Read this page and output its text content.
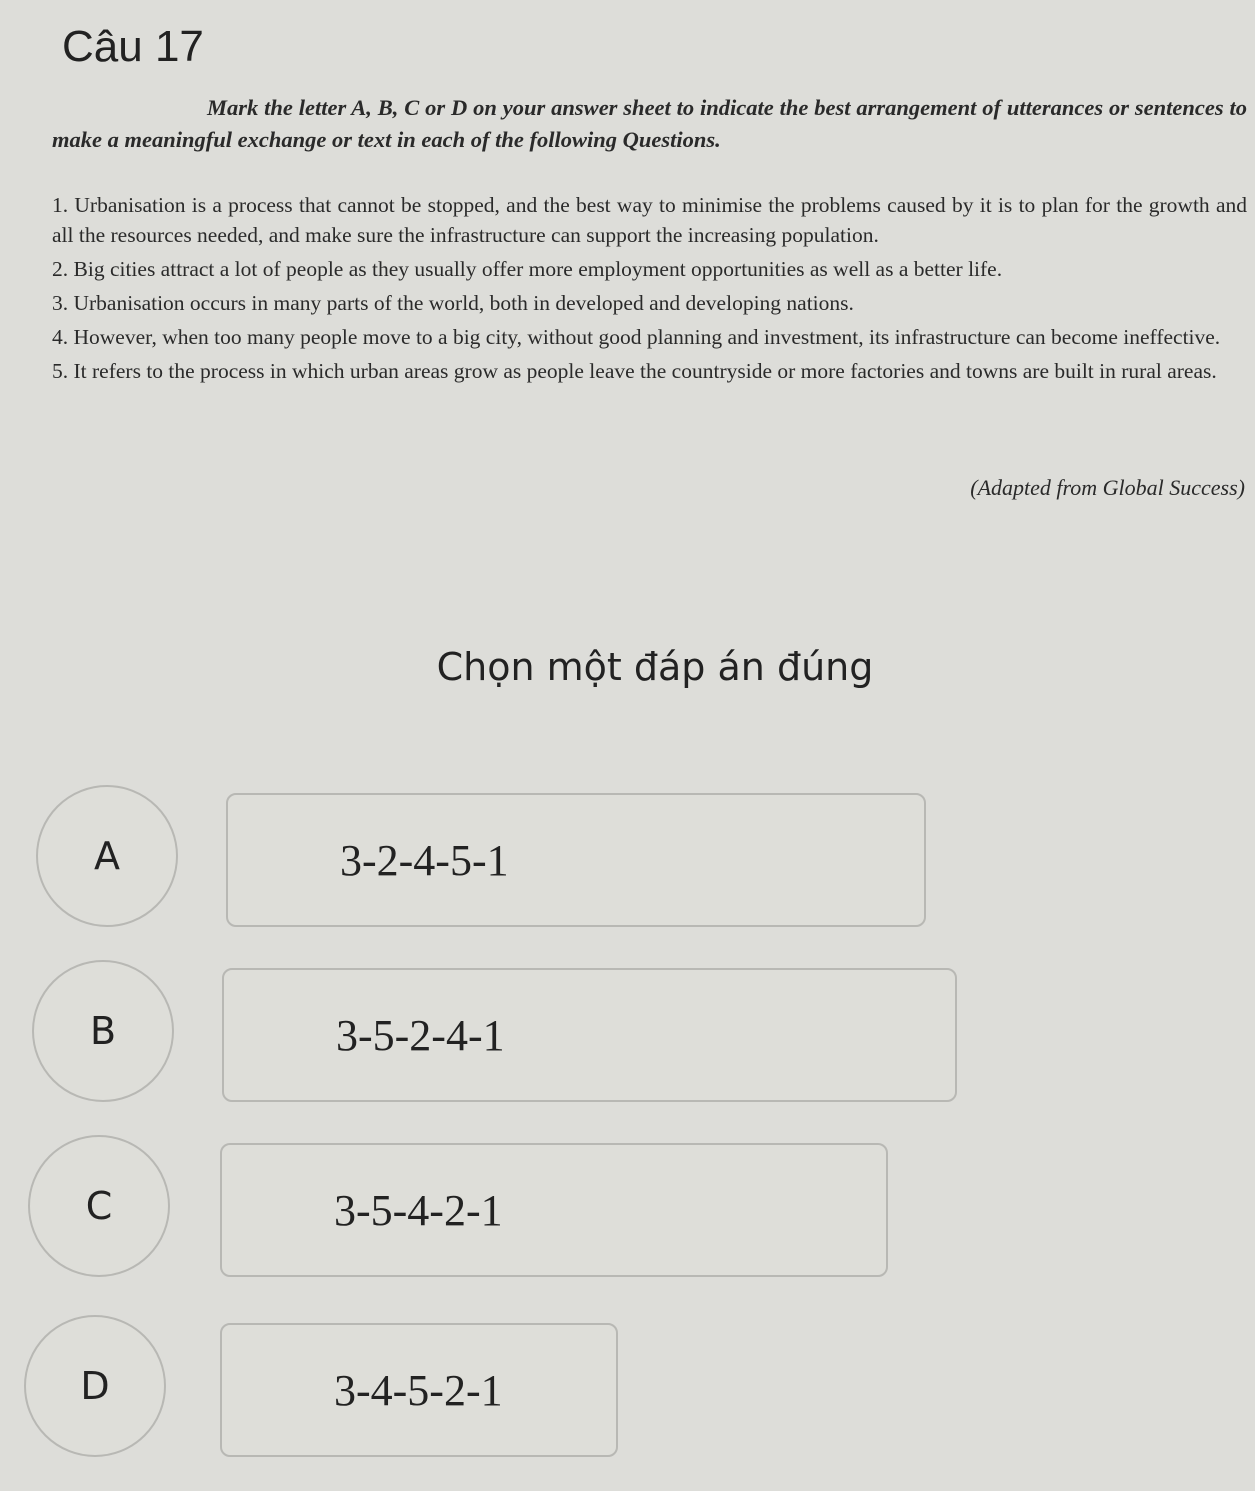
Câu 17
Mark the letter A, B, C or D on your answer sheet to indicate the best arrangement of utterances or sentences to make a meaningful exchange or text in each of the following Questions.

1. Urbanisation is a process that cannot be stopped, and the best way to minimise the problems caused by it is to plan for the growth and all the resources needed, and make sure the infrastructure can support the increasing population.

2. Big cities attract a lot of people as they usually offer more employment opportunities as well as a better life.

3. Urbanisation occurs in many parts of the world, both in developed and developing nations.

4. However, when too many people move to a big city, without good planning and investment, its infrastructure can become ineffective.

5. It refers to the process in which urban areas grow as people leave the countryside or more factories and towns are built in rural areas.

(Adapted from Global Success)
Chọn một đáp án đúng
3-2-4-5-1
A
3-5-2-4-1
B
3-5-4-2-1
C
3-4-5-2-1
D
